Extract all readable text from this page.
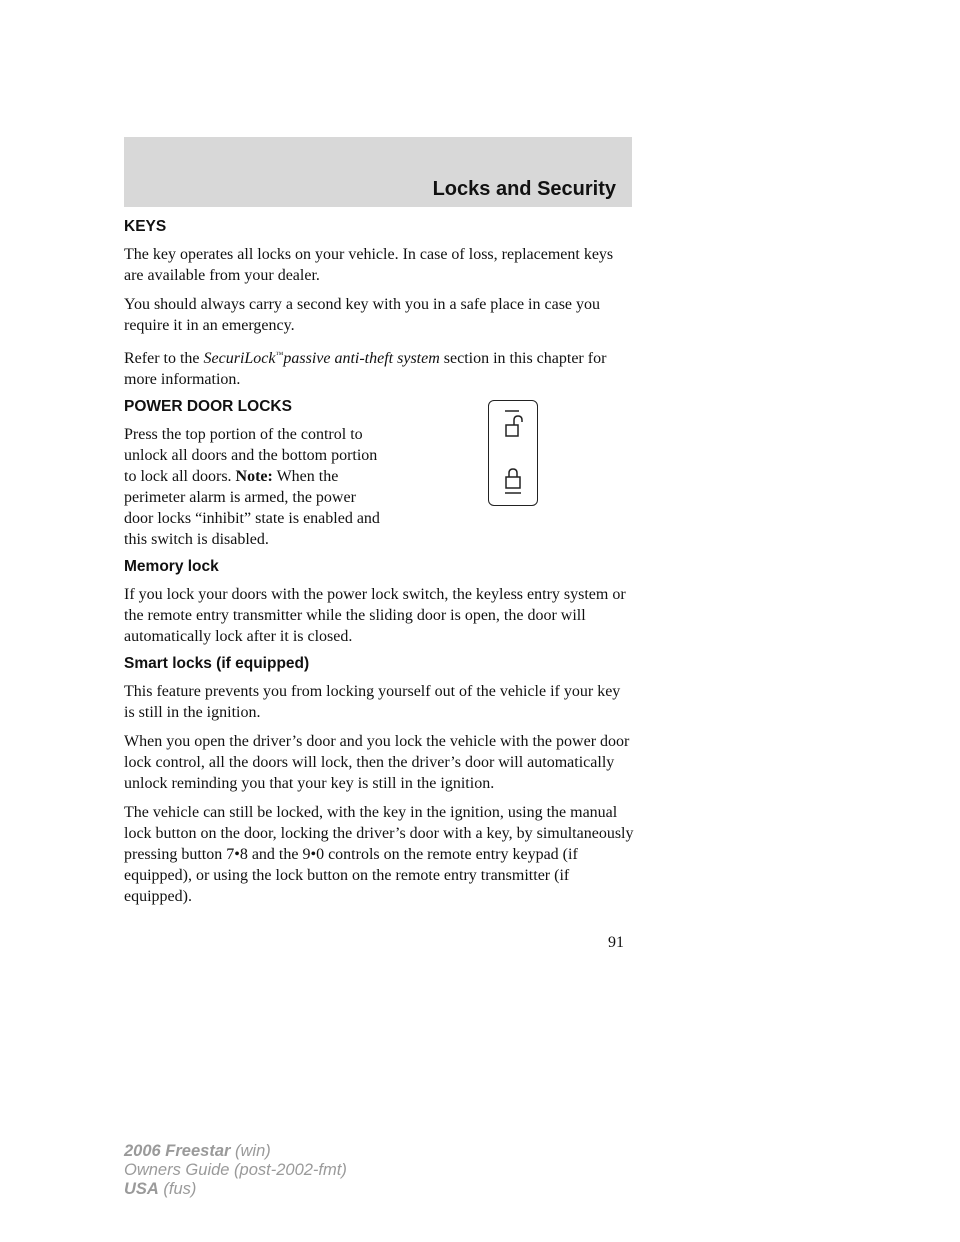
Locks and Security
KEYS

The key operates all locks on your vehicle. In case of loss, replacement keys are available from your dealer.

You should always carry a second key with you in a safe place in case you require it in an emergency.

Refer to the SecuriLock™passive anti-theft system section in this chapter for more information.

POWER DOOR LOCKS

Press the top portion of the control to unlock all doors and the bottom portion to lock all doors. Note: When the perimeter alarm is armed, the power door locks “inhibit” state is enabled and this switch is disabled.

Memory lock

If you lock your doors with the power lock switch, the keyless entry system or the remote entry transmitter while the sliding door is open, the door will automatically lock after it is closed.

Smart locks (if equipped)

This feature prevents you from locking yourself out of the vehicle if your key is still in the ignition.

When you open the driver’s door and you lock the vehicle with the power door lock control, all the doors will lock, then the driver’s door will automatically unlock reminding you that your key is still in the ignition.

The vehicle can still be locked, with the key in the ignition, using the manual lock button on the door, locking the driver’s door with a key, by simultaneously pressing button 7•8 and the 9•0 controls on the remote entry keypad (if equipped), or using the lock button on the remote entry transmitter (if equipped).

91
2006 Freestar (win)
Owners Guide (post-2002-fmt)
USA (fus)
